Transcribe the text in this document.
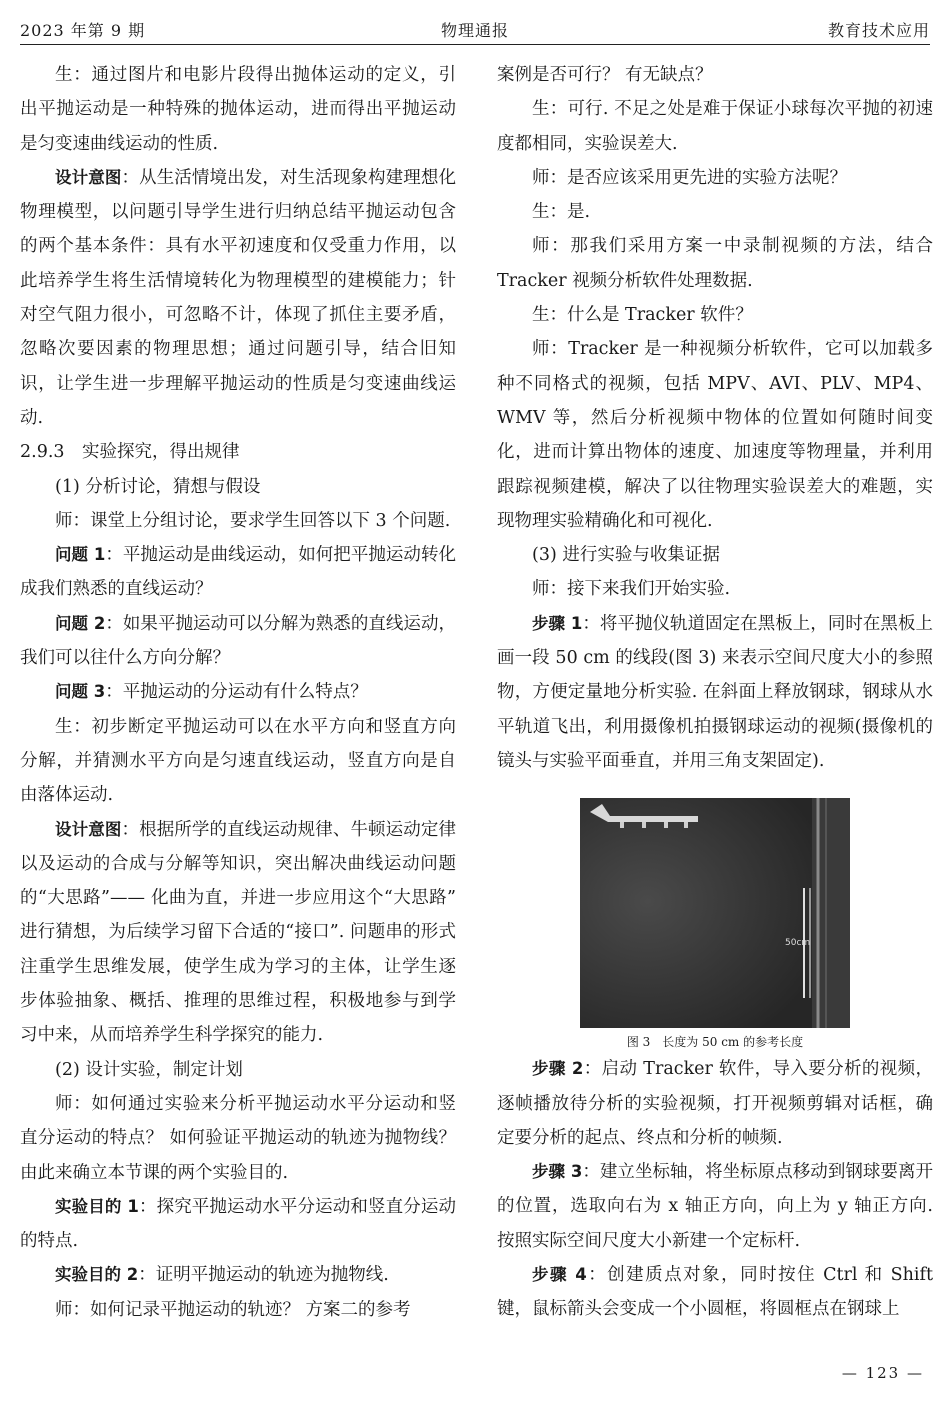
2023 年第 9 期	物理通报	教育技术应用

生：通过图片和电影片段得出抛体运动的定义，引出平抛运动是一种特殊的抛体运动，进而得出平抛运动是匀变速曲线运动的性质.

设计意图：从生活情境出发，对生活现象构建理想化物理模型，以问题引导学生进行归纳总结平抛运动包含的两个基本条件：具有水平初速度和仅受重力作用，以此培养学生将生活情境转化为物理模型的建模能力；针对空气阻力很小，可忽略不计，体现了抓住主要矛盾，忽略次要因素的物理思想；通过问题引导，结合旧知识，让学生进一步理解平抛运动的性质是匀变速曲线运动.

2.9.3　实验探究，得出规律

(1) 分析讨论，猜想与假设

师：课堂上分组讨论，要求学生回答以下 3 个问题.

问题 1：平抛运动是曲线运动，如何把平抛运动转化成我们熟悉的直线运动？

问题 2：如果平抛运动可以分解为熟悉的直线运动，我们可以往什么方向分解？

问题 3：平抛运动的分运动有什么特点？

生：初步断定平抛运动可以在水平方向和竖直方向分解，并猜测水平方向是匀速直线运动，竖直方向是自由落体运动.

设计意图：根据所学的直线运动规律、牛顿运动定律以及运动的合成与分解等知识，突出解决曲线运动问题的“大思路”—— 化曲为直，并进一步应用这个“大思路” 进行猜想，为后续学习留下合适的“接口”. 问题串的形式注重学生思维发展，使学生成为学习的主体，让学生逐步体验抽象、概括、推理的思维过程，积极地参与到学习中来，从而培养学生科学探究的能力.

(2) 设计实验，制定计划

师：如何通过实验来分析平抛运动水平分运动和竖直分运动的特点？ 如何验证平抛运动的轨迹为抛物线？ 由此来确立本节课的两个实验目的.

实验目的 1：探究平抛运动水平分运动和竖直分运动的特点.

实验目的 2：证明平抛运动的轨迹为抛物线.

师：如何记录平抛运动的轨迹？ 方案二的参考

案例是否可行？ 有无缺点？

生：可行. 不足之处是难于保证小球每次平抛的初速度都相同，实验误差大.

师：是否应该采用更先进的实验方法呢？

生：是.

师：那我们采用方案一中录制视频的方法，结合 Tracker 视频分析软件处理数据.

生：什么是 Tracker 软件？

师：Tracker 是一种视频分析软件，它可以加载多种不同格式的视频，包括 MPV、AVI、PLV、MP4、WMV 等，然后分析视频中物体的位置如何随时间变化，进而计算出物体的速度、加速度等物理量，并利用跟踪视频建模，解决了以往物理实验误差大的难题，实现物理实验精确化和可视化.

(3) 进行实验与收集证据

师：接下来我们开始实验.

步骤 1：将平抛仪轨道固定在黑板上，同时在黑板上画一段 50 cm 的线段(图 3) 来表示空间尺度大小的参照物，方便定量地分析实验. 在斜面上释放钢球，钢球从水平轨道飞出，利用摄像机拍摄钢球运动的视频(摄像机的镜头与实验平面垂直，并用三角支架固定).

50cm

图 3　长度为 50 cm 的参考长度

步骤 2：启动 Tracker 软件，导入要分析的视频，逐帧播放待分析的实验视频，打开视频剪辑对话框，确定要分析的起点、终点和分析的帧频.

步骤 3：建立坐标轴，将坐标原点移动到钢球要离开的位置，选取向右为 x 轴正方向，向上为 y 轴正方向. 按照实际空间尺度大小新建一个定标杆.

步骤 4：创建质点对象，同时按住 Ctrl 和 Shift 键，鼠标箭头会变成一个小圆框，将圆框点在钢球上

— 123 —
